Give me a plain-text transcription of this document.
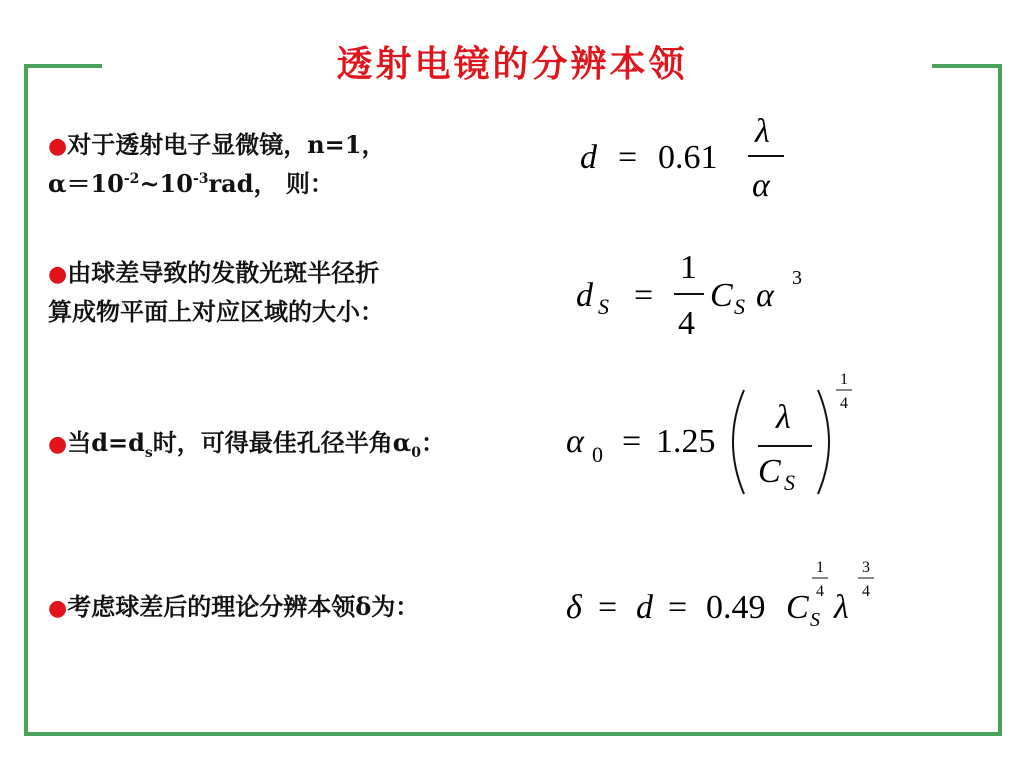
透射电镜的分辨本领
●对于透射电子显微镜，n=1，
$\alpha=10^{-2}\sim 10^{-3}rad$， 则：
●由球差导致的发散光斑半径折
算成物平面上对应区域的大小：
●当$d=d_s$时，可得最佳孔径半角$\alpha_0$：
●考虑球差后的理论分辨本领δ为：
d = 0.61
λ
α
d S =
1
4
C S α 3
α 0 = 1.25
λ
C S
1
4
δ = d = 0.49 C S
1
4 λ
3
4
